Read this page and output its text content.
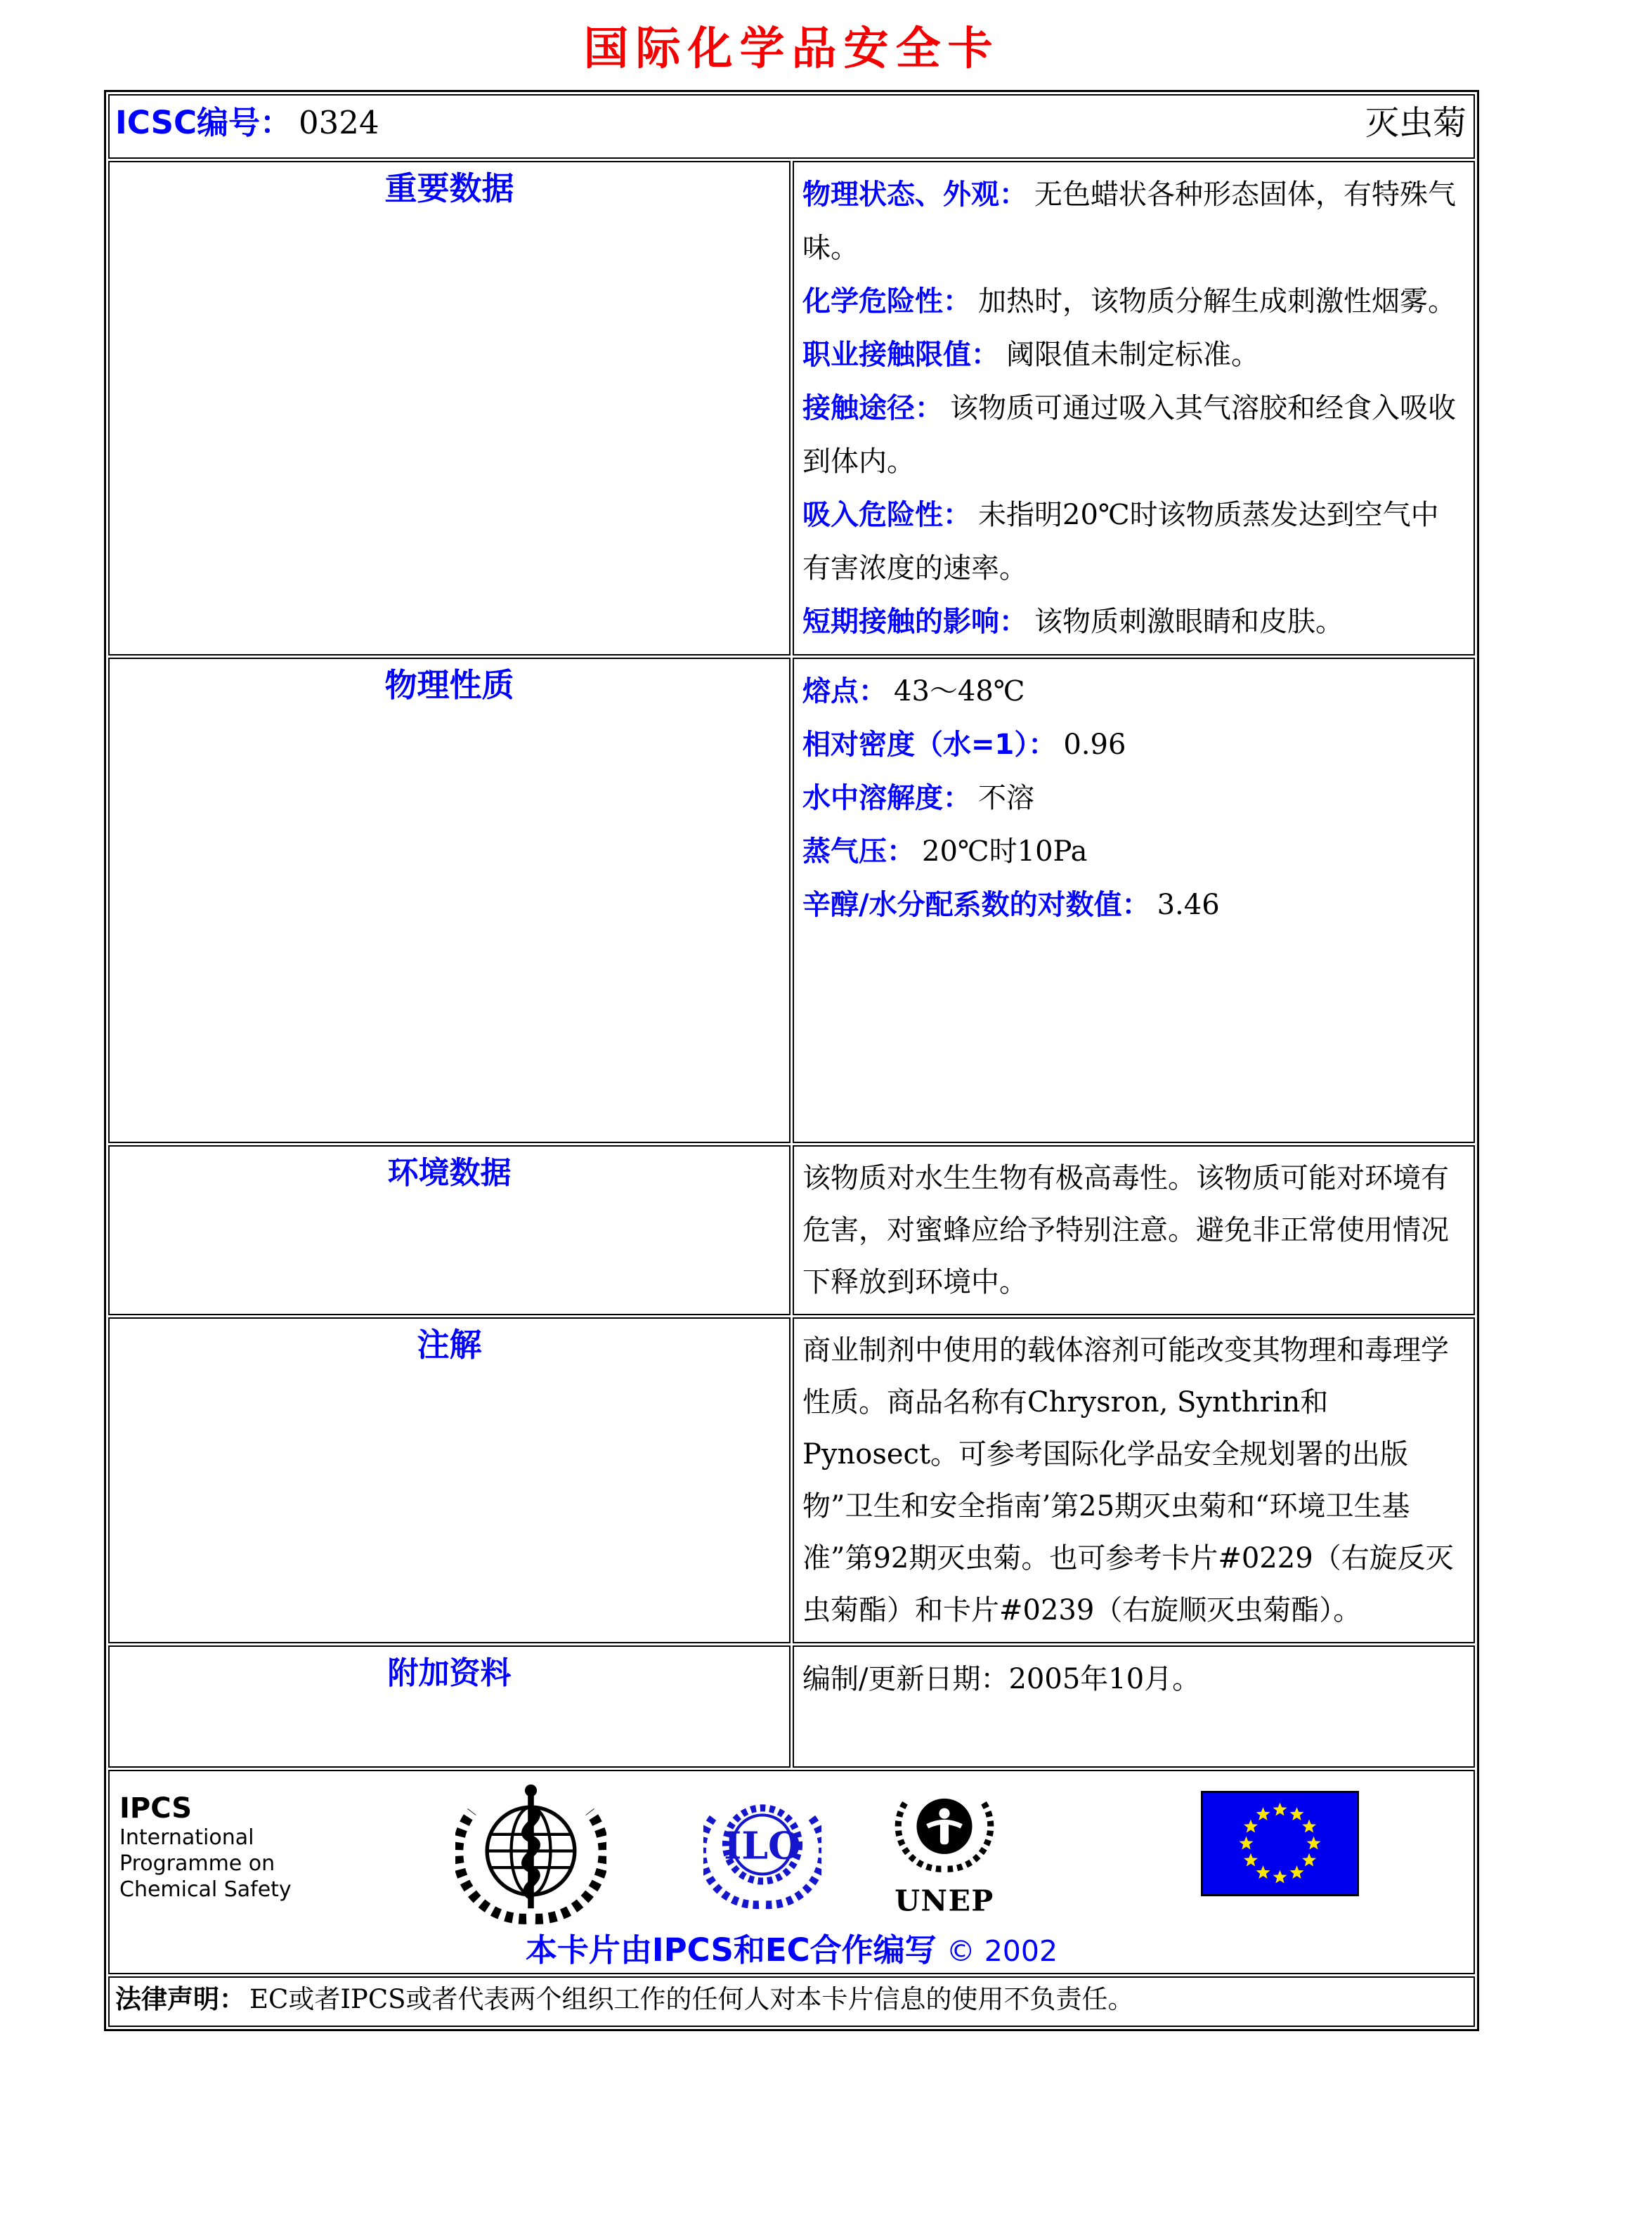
国际化学品安全卡
ICSC编号： 0324 灭虫菊	

重要数据	物理状态、外观： 无色蜡状各种形态固体，有特殊气味。
化学危险性： 加热时，该物质分解生成刺激性烟雾。
职业接触限值： 阈限值未制定标准。
接触途径： 该物质可通过吸入其气溶胶和经食入吸收到体内。
吸入危险性： 未指明20℃时该物质蒸发达到空气中有害浓度的速率。
短期接触的影响： 该物质刺激眼睛和皮肤。

物理性质	熔点： 43～48℃
相对密度（水=1）： 0.96
水中溶解度： 不溶
蒸气压： 20℃时10Pa
辛醇/水分配系数的对数值： 3.46

环境数据	该物质对水生生物有极高毒性。该物质可能对环境有危害，对蜜蜂应给予特别注意。避免非正常使用情况下释放到环境中。
注解	商业制剂中使用的载体溶剂可能改变其物理和毒理学性质。商品名称有Chrysron, Synthrin和 Pynosect。可参考国际化学品安全规划署的出版物”卫生和安全指南’第25期灭虫菊和“环境卫生基准”第92期灭虫菊。也可参考卡片#0229（右旋反灭虫菊酯）和卡片#0239（右旋顺灭虫菊酯）。
附加资料	编制/更新日期：2005年10月。

IPCS
International
Programme on
Chemical Safety
ILO
UNEP
本卡片由IPCS和EC合作编写 © 2002

法律声明： EC或者IPCS或者代表两个组织工作的任何人对本卡片信息的使用不负责任。	
